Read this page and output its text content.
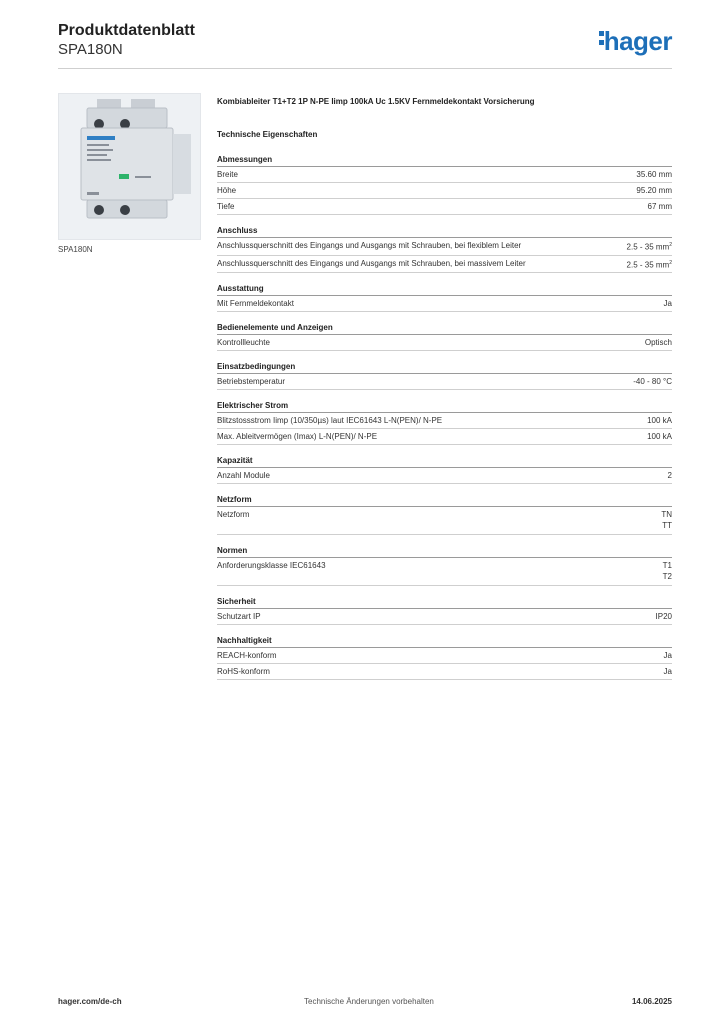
Produktdatenblatt
SPA180N	hager
SPA180N
Kombiableiter T1+T2 1P N-PE Iimp 100kA Uc 1.5KV Fernmeldekontakt Vorsicherung
Technische Eigenschaften
Abmessungen
Breite	35.60 mm
Höhe	95.20 mm
Tiefe	67 mm
Anschluss
Anschlussquerschnitt des Eingangs und Ausgangs mit Schrauben, bei flexiblem Leiter	2.5 - 35 $mm^2$
Anschlussquerschnitt des Eingangs und Ausgangs mit Schrauben, bei massivem Leiter	2.5 - 35 $mm^2$
Ausstattung
Mit Fernmeldekontakt	Ja
Bedienelemente und Anzeigen
Kontrollleuchte	Optisch
Einsatzbedingungen
Betriebstemperatur	-40 - 80 °C
Elektrischer Strom
Blitzstossstrom Iimp (10/350µs) laut IEC61643 L-N(PEN)/ N-PE	100 kA
Max. Ableitvermögen (Imax) L-N(PEN)/ N-PE	100 kA
Kapazität
Anzahl Module	2
Netzform
Netzform	TN
TT
Normen
Anforderungsklasse IEC61643	T1
T2
Sicherheit
Schutzart IP	IP20
Nachhaltigkeit
REACH-konform	Ja
RoHS-konform	Ja
hager.com/de-ch	Technische Änderungen vorbehalten	14.06.2025
